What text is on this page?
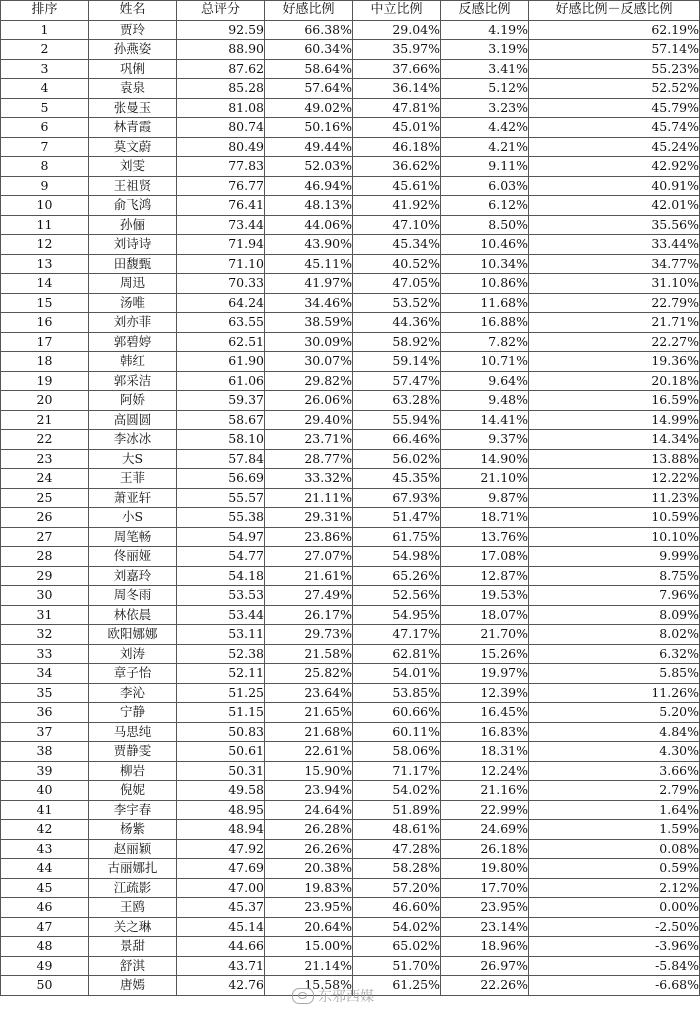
排序	姓名	总评分	好感比例	中立比例	反感比例	好感比例－反感比例
1	贾玲	92.59	66.38%	29.04%	4.19%	62.19%
2	孙燕姿	88.90	60.34%	35.97%	3.19%	57.14%
3	巩俐	87.62	58.64%	37.66%	3.41%	55.23%
4	袁泉	85.28	57.64%	36.14%	5.12%	52.52%
5	张曼玉	81.08	49.02%	47.81%	3.23%	45.79%
6	林青霞	80.74	50.16%	45.01%	4.42%	45.74%
7	莫文蔚	80.49	49.44%	46.18%	4.21%	45.24%
8	刘雯	77.83	52.03%	36.62%	9.11%	42.92%
9	王祖贤	76.77	46.94%	45.61%	6.03%	40.91%
10	俞飞鸿	76.41	48.13%	41.92%	6.12%	42.01%
11	孙俪	73.44	44.06%	47.10%	8.50%	35.56%
12	刘诗诗	71.94	43.90%	45.34%	10.46%	33.44%
13	田馥甄	71.10	45.11%	40.52%	10.34%	34.77%
14	周迅	70.33	41.97%	47.05%	10.86%	31.10%
15	汤唯	64.24	34.46%	53.52%	11.68%	22.79%
16	刘亦菲	63.55	38.59%	44.36%	16.88%	21.71%
17	郭碧婷	62.51	30.09%	58.92%	7.82%	22.27%
18	韩红	61.90	30.07%	59.14%	10.71%	19.36%
19	郭采洁	61.06	29.82%	57.47%	9.64%	20.18%
20	阿娇	59.37	26.06%	63.28%	9.48%	16.59%
21	高圆圆	58.67	29.40%	55.94%	14.41%	14.99%
22	李冰冰	58.10	23.71%	66.46%	9.37%	14.34%
23	大S	57.84	28.77%	56.02%	14.90%	13.88%
24	王菲	56.69	33.32%	45.35%	21.10%	12.22%
25	萧亚轩	55.57	21.11%	67.93%	9.87%	11.23%
26	小S	55.38	29.31%	51.47%	18.71%	10.59%
27	周笔畅	54.97	23.86%	61.75%	13.76%	10.10%
28	佟丽娅	54.77	27.07%	54.98%	17.08%	9.99%
29	刘嘉玲	54.18	21.61%	65.26%	12.87%	8.75%
30	周冬雨	53.53	27.49%	52.56%	19.53%	7.96%
31	林依晨	53.44	26.17%	54.95%	18.07%	8.09%
32	欧阳娜娜	53.11	29.73%	47.17%	21.70%	8.02%
33	刘涛	52.38	21.58%	62.81%	15.26%	6.32%
34	章子怡	52.11	25.82%	54.01%	19.97%	5.85%
35	李沁	51.25	23.64%	53.85%	12.39%	11.26%
36	宁静	51.15	21.65%	60.66%	16.45%	5.20%
37	马思纯	50.83	21.68%	60.11%	16.83%	4.84%
38	贾静雯	50.61	22.61%	58.06%	18.31%	4.30%
39	柳岩	50.31	15.90%	71.17%	12.24%	3.66%
40	倪妮	49.58	23.94%	54.02%	21.16%	2.79%
41	李宇春	48.95	24.64%	51.89%	22.99%	1.64%
42	杨紫	48.94	26.28%	48.61%	24.69%	1.59%
43	赵丽颖	47.92	26.26%	47.28%	26.18%	0.08%
44	古丽娜扎	47.69	20.38%	58.28%	19.80%	0.59%
45	江疏影	47.00	19.83%	57.20%	17.70%	2.12%
46	王鸥	45.37	23.95%	46.60%	23.95%	0.00%
47	关之琳	45.14	20.64%	54.02%	23.14%	-2.50%
48	景甜	44.66	15.00%	65.02%	18.96%	-3.96%
49	舒淇	43.71	21.14%	51.70%	26.97%	-5.84%
50	唐嫣	42.76	15.58%	61.25%	22.26%	-6.68%
东邪西媒
